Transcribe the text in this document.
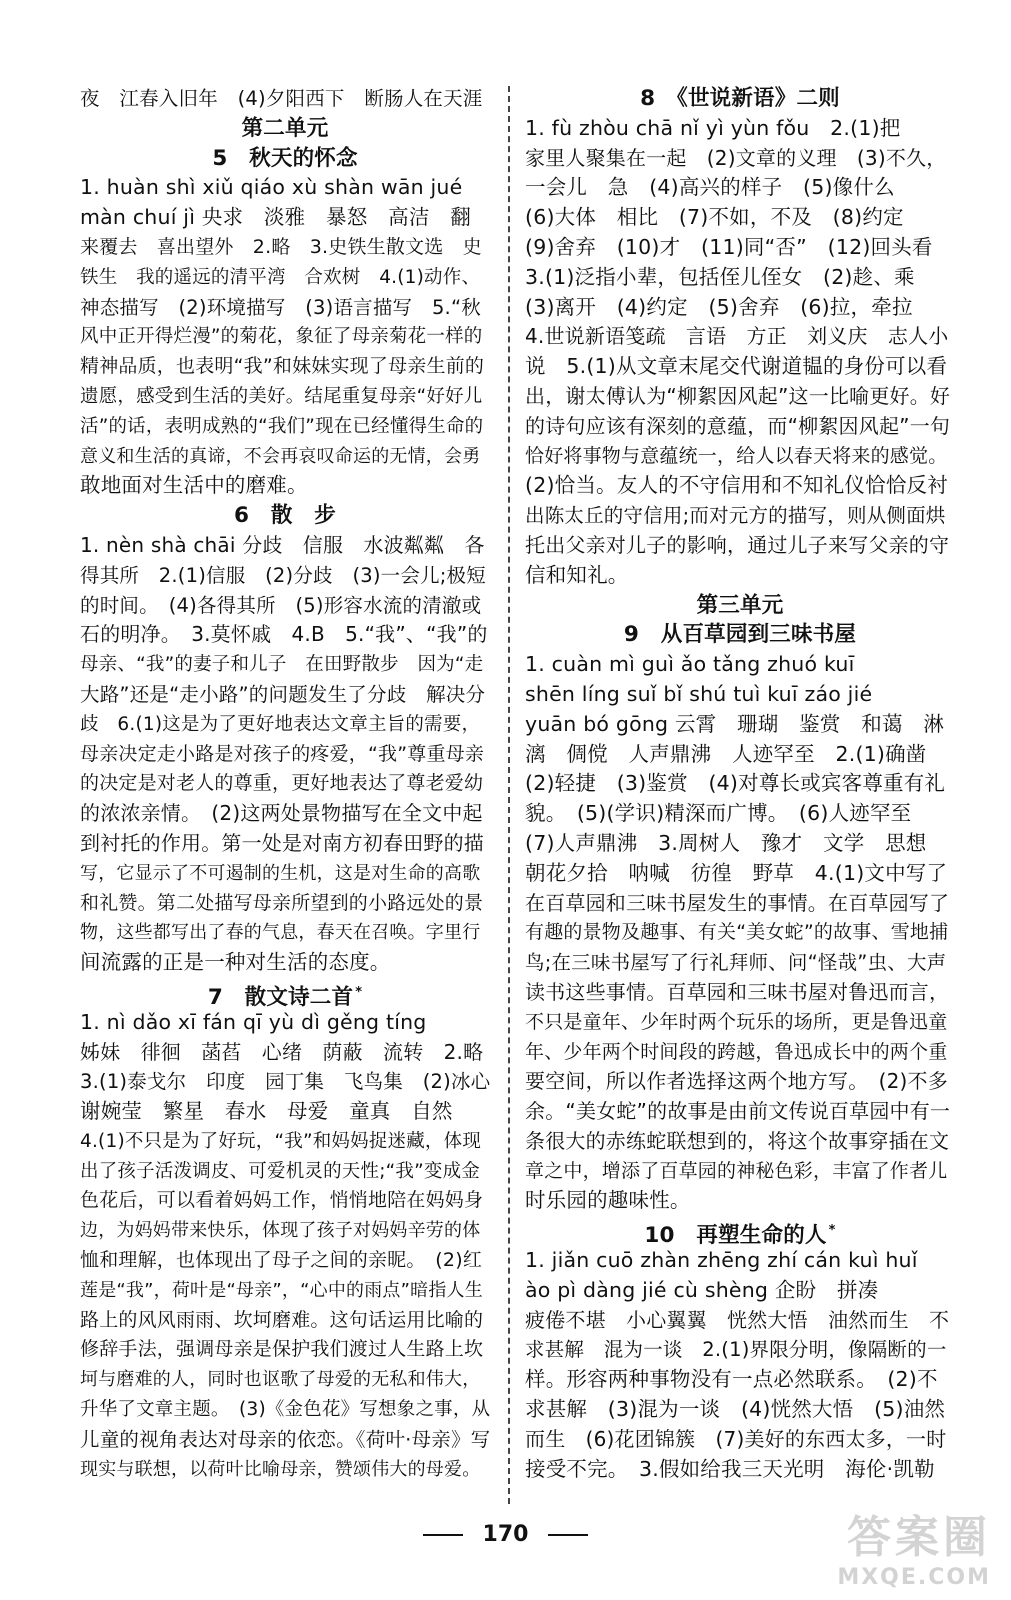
夜　江春入旧年　(4)夕阳西下　断肠人在天涯
第二单元
5　秋天的怀念
1. huàn shì xiǔ qiáo xù shàn wān jué
màn chuí jì 央求　淡雅　暴怒　高洁　翻
来覆去　喜出望外　2.略　3.史铁生散文选　史
铁生　我的遥远的清平湾　合欢树　4.(1)动作、
神态描写　(2)环境描写　(3)语言描写　5.“秋
风中正开得烂漫”的菊花，象征了母亲菊花一样的
精神品质，也表明“我”和妹妹实现了母亲生前的
遗愿，感受到生活的美好。结尾重复母亲“好好儿
活”的话，表明成熟的“我们”现在已经懂得生命的
意义和生活的真谛，不会再哀叹命运的无情，会勇
敢地面对生活中的磨难。
6　散　步
1. nèn shà chāi 分歧　信服　水波粼粼　各
得其所　2.(1)信服　(2)分歧　(3)一会儿;极短
的时间。　(4)各得其所　(5)形容水流的清澈或
石的明净。　3.莫怀戚　4.B　5.“我”、“我”的
母亲、“我”的妻子和儿子　在田野散步　因为“走
大路”还是“走小路”的问题发生了分歧　解决分
歧　6.(1)这是为了更好地表达文章主旨的需要，
母亲决定走小路是对孩子的疼爱，“我”尊重母亲
的决定是对老人的尊重，更好地表达了尊老爱幼
的浓浓亲情。　(2)这两处景物描写在全文中起
到衬托的作用。第一处是对南方初春田野的描
写，它显示了不可遏制的生机，这是对生命的高歌
和礼赞。第二处描写母亲所望到的小路远处的景
物，这些都写出了春的气息，春天在召唤。字里行
间流露的正是一种对生活的态度。
7　散文诗二首 *
1. nì dǎo xī fán qī yù dì gěng tíng
姊妹　徘徊　菡萏　心绪　荫蔽　流转　2.略
3.(1)泰戈尔　印度　园丁集　飞鸟集　(2)冰心
谢婉莹　繁星　春水　母爱　童真　自然
4.(1)不只是为了好玩，“我”和妈妈捉迷藏，体现
出了孩子活泼调皮、可爱机灵的天性;“我”变成金
色花后，可以看着妈妈工作，悄悄地陪在妈妈身
边，为妈妈带来快乐，体现了孩子对妈妈辛劳的体
恤和理解，也体现出了母子之间的亲昵。　(2)红
莲是“我”，荷叶是“母亲”，“心中的雨点”暗指人生
路上的风风雨雨、坎坷磨难。这句话运用比喻的
修辞手法，强调母亲是保护我们渡过人生路上坎
坷与磨难的人，同时也讴歌了母爱的无私和伟大，
升华了文章主题。　(3)《金色花》写想象之事，从
儿童的视角表达对母亲的依恋。《荷叶·母亲》写
现实与联想，以荷叶比喻母亲，赞颂伟大的母爱。
8　《世说新语》二则
1. fù zhòu chā nǐ yì yùn fǒu　2.(1)把
家里人聚集在一起　(2)文章的义理　(3)不久，
一会儿　急　(4)高兴的样子　(5)像什么
(6)大体　相比　(7)不如，不及　(8)约定
(9)舍弃　(10)才　(11)同“否”　(12)回头看
3.(1)泛指小辈，包括侄儿侄女　(2)趁、乘
(3)离开　(4)约定　(5)舍弃　(6)拉，牵拉
4.世说新语笺疏　言语　方正　刘义庆　志人小
说　5.(1)从文章末尾交代谢道韫的身份可以看
出，谢太傅认为“柳絮因风起”这一比喻更好。好
的诗句应该有深刻的意蕴，而“柳絮因风起”一句
恰好将事物与意蕴统一，给人以春天将来的感觉。
(2)恰当。友人的不守信用和不知礼仪恰恰反衬
出陈太丘的守信用;而对元方的描写，则从侧面烘
托出父亲对儿子的影响，通过儿子来写父亲的守
信和知礼。
第三单元
9　从百草园到三味书屋
1. cuàn mì guì ǎo tǎng zhuó kuī
shēn líng suǐ bǐ shú tuì kuī záo jié
yuān bó gōng 云霄　珊瑚　鉴赏　和蔼　淋
漓　倜傥　人声鼎沸　人迹罕至　2.(1)确凿
(2)轻捷　(3)鉴赏　(4)对尊长或宾客尊重有礼
貌。　(5)(学识)精深而广博。　(6)人迹罕至
(7)人声鼎沸　3.周树人　豫才　文学　思想
朝花夕拾　呐喊　彷徨　野草　4.(1)文中写了
在百草园和三味书屋发生的事情。在百草园写了
有趣的景物及趣事、有关“美女蛇”的故事、雪地捕
鸟;在三味书屋写了行礼拜师、问“怪哉”虫、大声
读书这些事情。百草园和三味书屋对鲁迅而言，
不只是童年、少年时两个玩乐的场所，更是鲁迅童
年、少年两个时间段的跨越，鲁迅成长中的两个重
要空间，所以作者选择这两个地方写。　(2)不多
余。“美女蛇”的故事是由前文传说百草园中有一
条很大的赤练蛇联想到的，将这个故事穿插在文
章之中，增添了百草园的神秘色彩，丰富了作者儿
时乐园的趣味性。
10　再塑生命的人 *
1. jiǎn cuō zhàn zhēng zhí cán kuì huǐ
ào pì dàng jié cù shèng 企盼　拼凑
疲倦不堪　小心翼翼　恍然大悟　油然而生　不
求甚解　混为一谈　2.(1)界限分明，像隔断的一
样。形容两种事物没有一点必然联系。　(2)不
求甚解　(3)混为一谈　(4)恍然大悟　(5)油然
而生　(6)花团锦簇　(7)美好的东西太多，一时
接受不完。　3.假如给我三天光明　海伦·凯勒
170	答案圈
MXQE.COM
